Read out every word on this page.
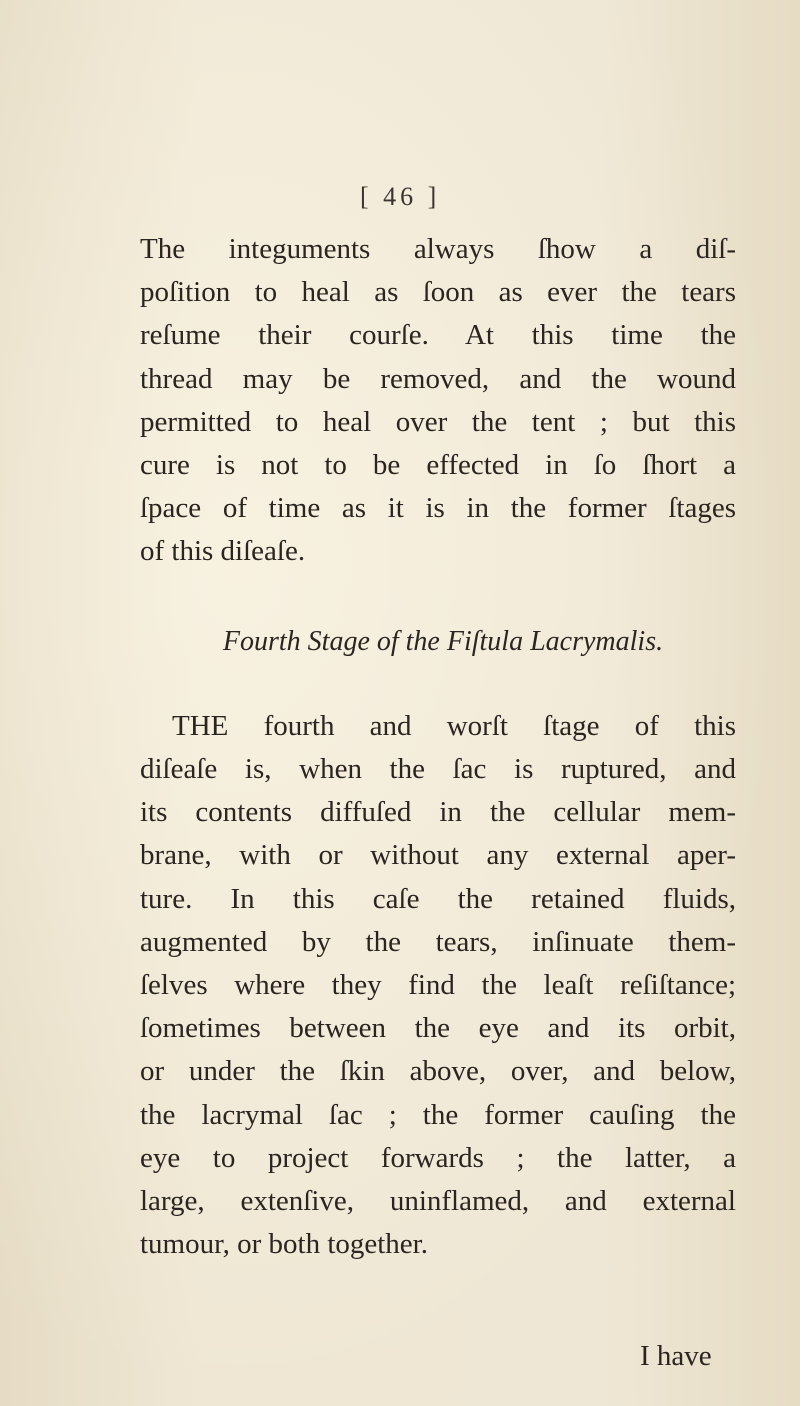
[ 46 ]
The integuments always ſhow a diſ-
poſition to heal as ſoon as ever the tears
reſume their courſe. At this time the
thread may be removed, and the wound
permitted to heal over the tent ; but this
cure is not to be effected in ſo ſhort a
ſpace of time as it is in the former ſtages
of this diſeaſe.
Fourth Stage of the Fiſtula Lacrymalis.
THE fourth and worſt ſtage of this
diſeaſe is, when the ſac is ruptured, and
its contents diffuſed in the cellular mem-
brane, with or without any external aper-
ture. In this caſe the retained fluids,
augmented by the tears, inſinuate them-
ſelves where they find the leaſt reſiſtance;
ſometimes between the eye and its orbit,
or under the ſkin above, over, and below,
the lacrymal ſac ; the former cauſing the
eye to project forwards ; the latter, a
large, extenſive, uninflamed, and external
tumour, or both together.
I have
